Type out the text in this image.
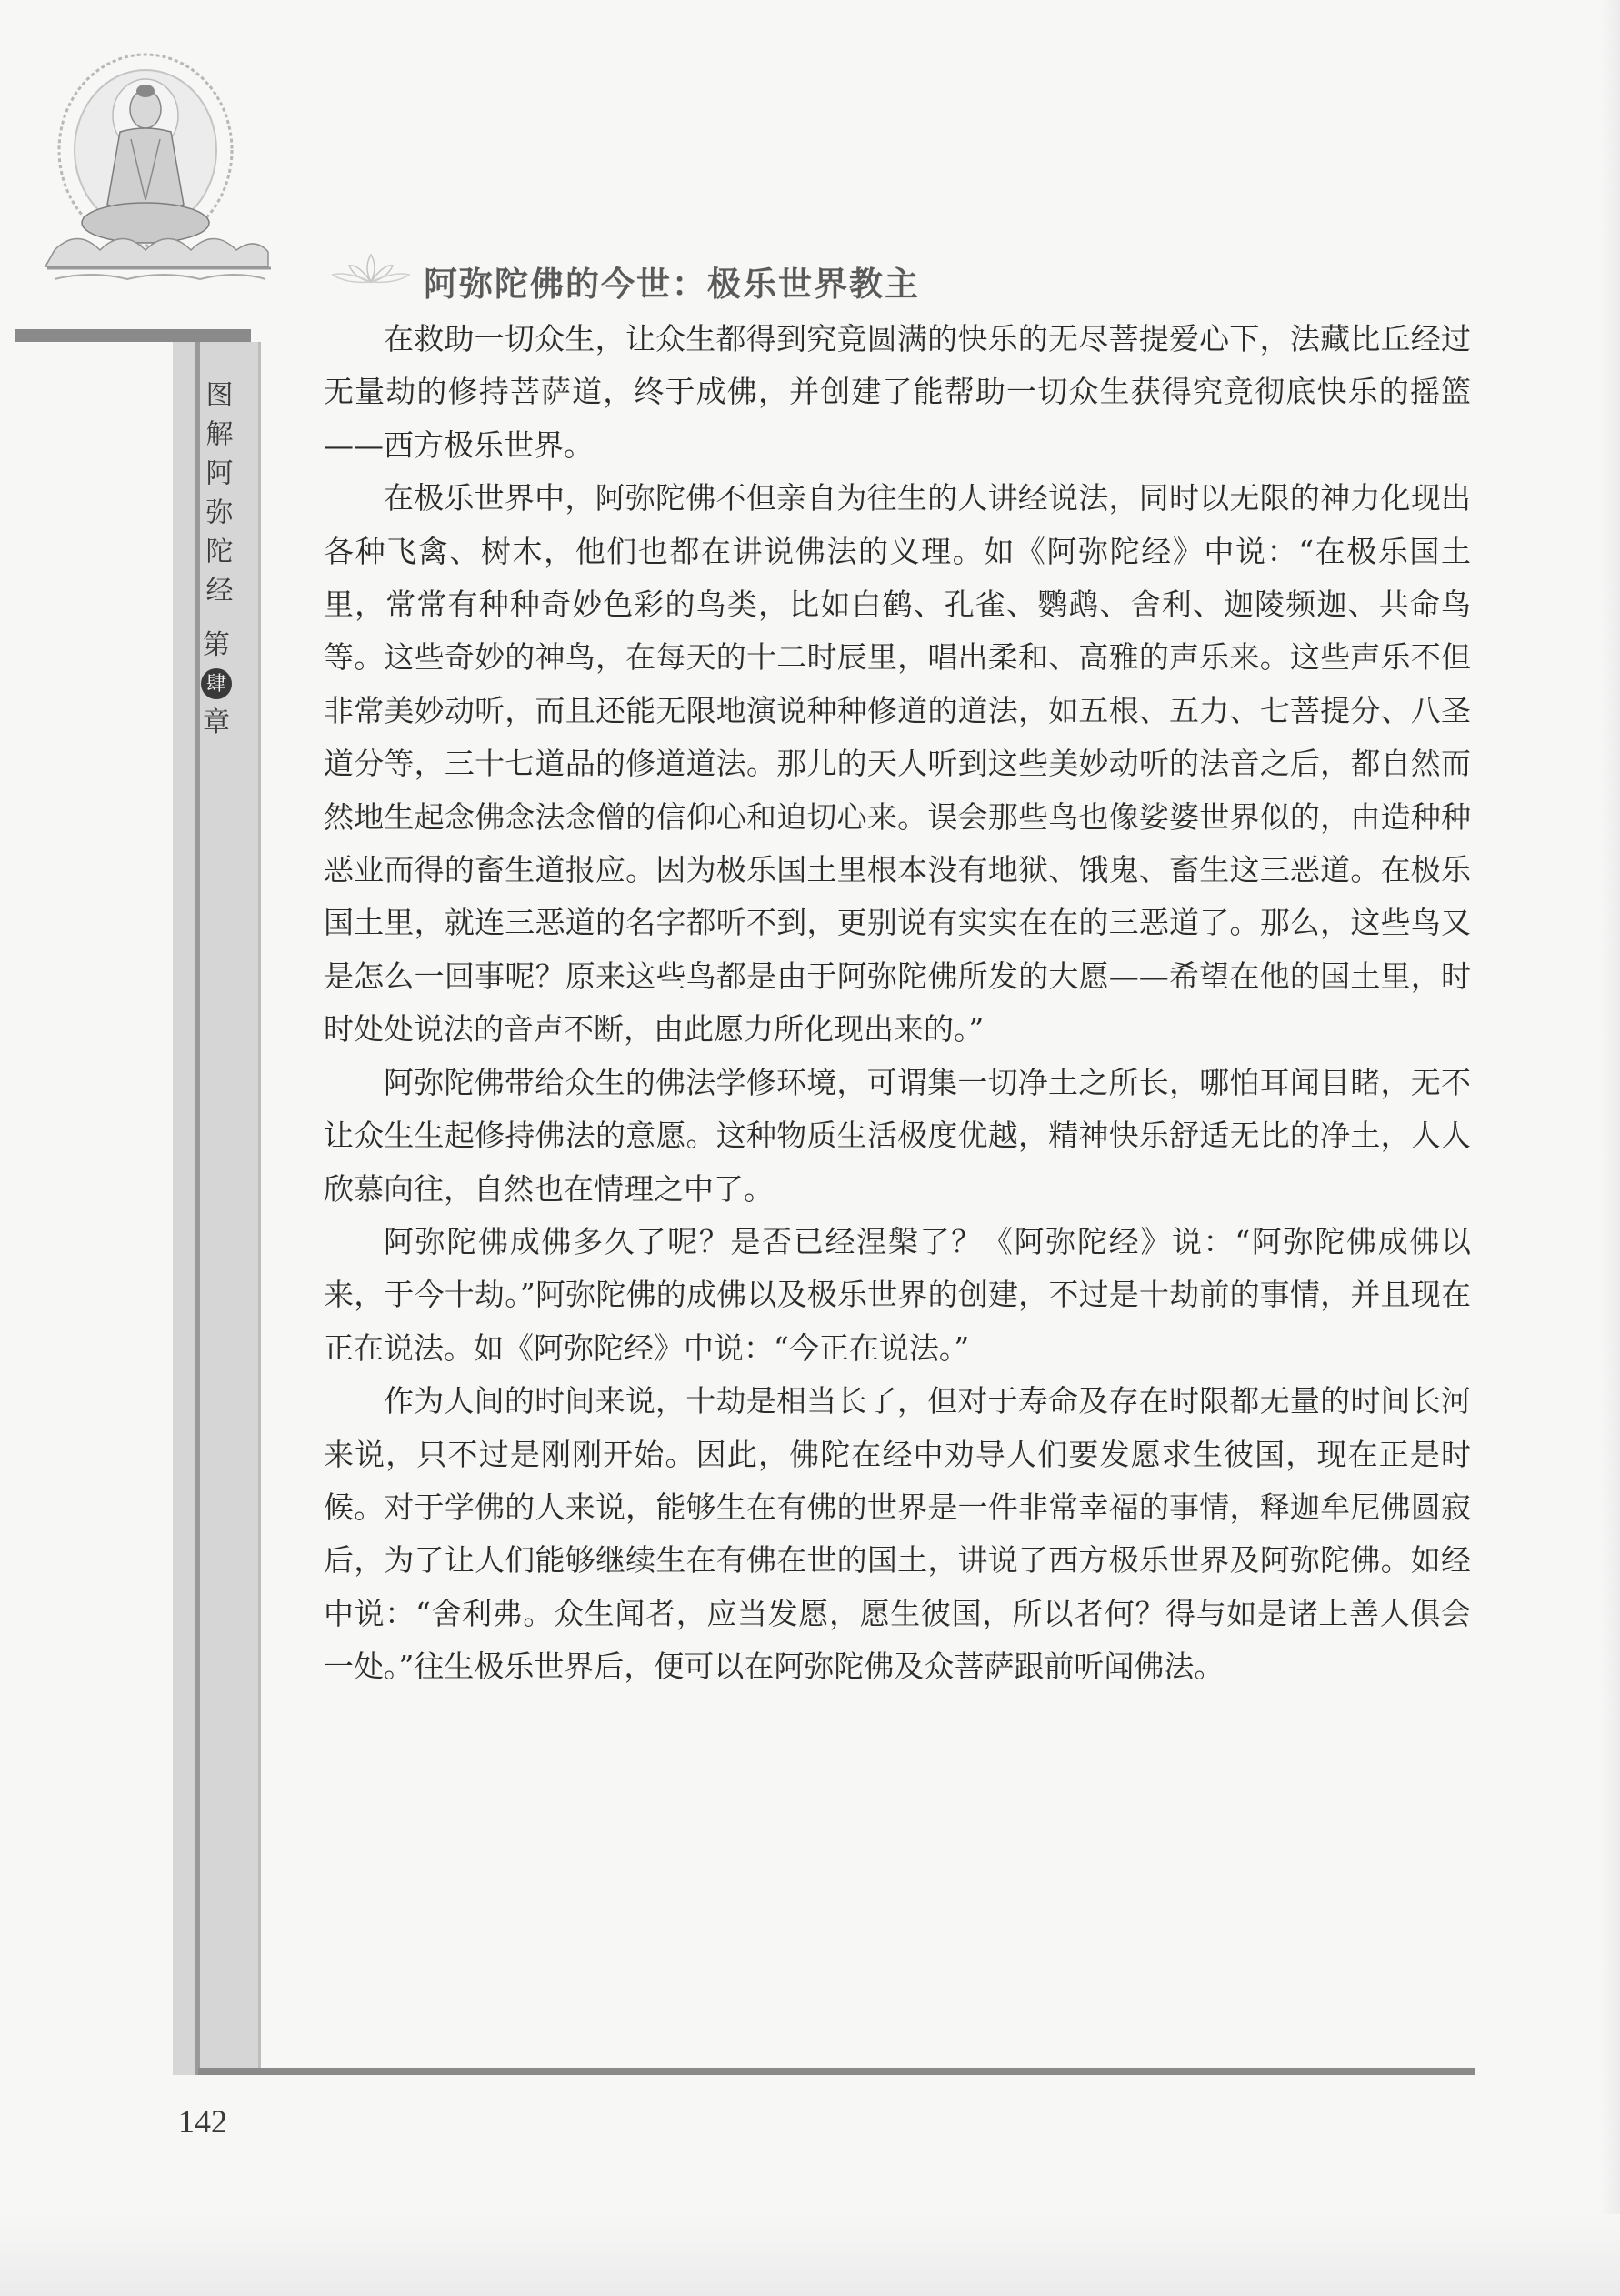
图解阿弥陀经
第
肆
章
阿弥陀佛的今世：极乐世界教主

在救助一切众生，让众生都得到究竟圆满的快乐的无尽菩提爱心下，法藏比丘经过无量劫的修持菩萨道，终于成佛，并创建了能帮助一切众生获得究竟彻底快乐的摇篮——西方极乐世界。

在极乐世界中，阿弥陀佛不但亲自为往生的人讲经说法，同时以无限的神力化现出各种飞禽、树木，他们也都在讲说佛法的义理。如《阿弥陀经》中说：“在极乐国土里，常常有种种奇妙色彩的鸟类，比如白鹤、孔雀、鹦鹉、舍利、迦陵频迦、共命鸟等。这些奇妙的神鸟，在每天的十二时辰里，唱出柔和、高雅的声乐来。这些声乐不但非常美妙动听，而且还能无限地演说种种修道的道法，如五根、五力、七菩提分、八圣道分等，三十七道品的修道道法。那儿的天人听到这些美妙动听的法音之后，都自然而然地生起念佛念法念僧的信仰心和迫切心来。误会那些鸟也像娑婆世界似的，由造种种恶业而得的畜生道报应。因为极乐国土里根本没有地狱、饿鬼、畜生这三恶道。在极乐国土里，就连三恶道的名字都听不到，更别说有实实在在的三恶道了。那么，这些鸟又是怎么一回事呢？原来这些鸟都是由于阿弥陀佛所发的大愿——希望在他的国土里，时时处处说法的音声不断，由此愿力所化现出来的。”

阿弥陀佛带给众生的佛法学修环境，可谓集一切净土之所长，哪怕耳闻目睹，无不让众生生起修持佛法的意愿。这种物质生活极度优越，精神快乐舒适无比的净土，人人欣慕向往，自然也在情理之中了。

阿弥陀佛成佛多久了呢？是否已经涅槃了？《阿弥陀经》说：“阿弥陀佛成佛以来，于今十劫。”阿弥陀佛的成佛以及极乐世界的创建，不过是十劫前的事情，并且现在正在说法。如《阿弥陀经》中说：“今正在说法。”

作为人间的时间来说，十劫是相当长了，但对于寿命及存在时限都无量的时间长河来说，只不过是刚刚开始。因此，佛陀在经中劝导人们要发愿求生彼国，现在正是时候。对于学佛的人来说，能够生在有佛的世界是一件非常幸福的事情，释迦牟尼佛圆寂后，为了让人们能够继续生在有佛在世的国土，讲说了西方极乐世界及阿弥陀佛。如经中说：“舍利弗。众生闻者，应当发愿，愿生彼国，所以者何？得与如是诸上善人俱会一处。”往生极乐世界后，便可以在阿弥陀佛及众菩萨跟前听闻佛法。

142
